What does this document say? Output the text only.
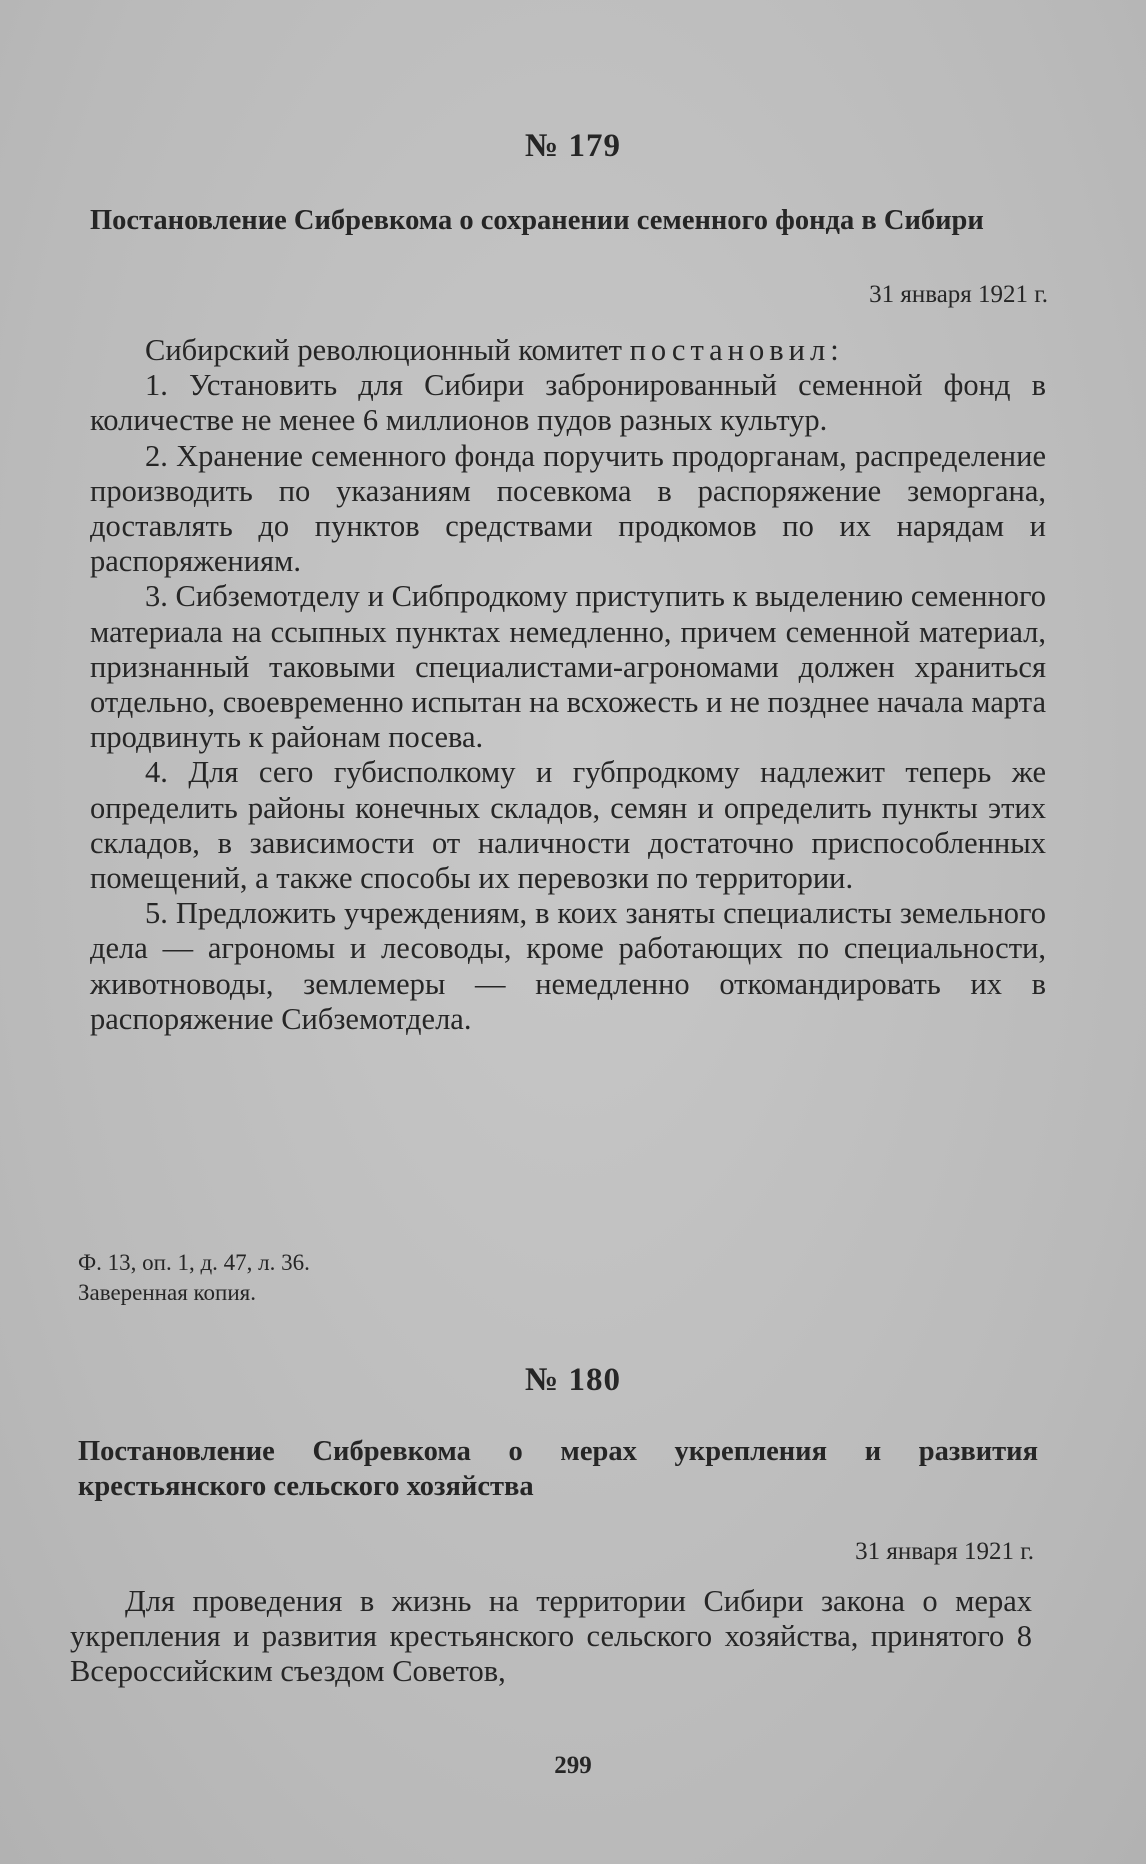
№ 179
Постановление Сибревкома о сохранении семенного фонда в Сибири
31 января 1921 г.

Сибирский революционный комитет постановил:

1. Установить для Сибири забронированный семенной фонд в количестве не менее 6 миллионов пудов разных культур.

2. Хранение семенного фонда поручить продорганам, распределение производить по указаниям посевкома в распоряжение земоргана, доставлять до пунктов средствами продкомов по их нарядам и распоряжениям.

3. Сибземотделу и Сибпродкому приступить к выделению семенного материала на ссыпных пунктах немедленно, причем семенной материал, признанный таковыми специалистами-агрономами должен храниться отдельно, своевременно испытан на всхожесть и не позднее начала марта продвинуть к районам посева.

4. Для сего губисполкому и губпродкому надлежит теперь же определить районы конечных складов, семян и определить пункты этих складов, в зависимости от наличности достаточно приспособленных помещений, а также способы их перевозки по территории.

5. Предложить учреждениям, в коих заняты специалисты земельного дела — агрономы и лесоводы, кроме работающих по специальности, животноводы, землемеры — немедленно откомандировать их в распоряжение Сибземотдела.

Ф. 13, оп. 1, д. 47, л. 36.
Заверенная копия.
№ 180
Постановление Сибревкома о мерах укрепления и развития крестьянского сельского хозяйства
31 января 1921 г.

Для проведения в жизнь на территории Сибири закона о мерах укрепления и развития крестьянского сельского хозяйства, принятого 8 Всероссийским съездом Советов,

299
